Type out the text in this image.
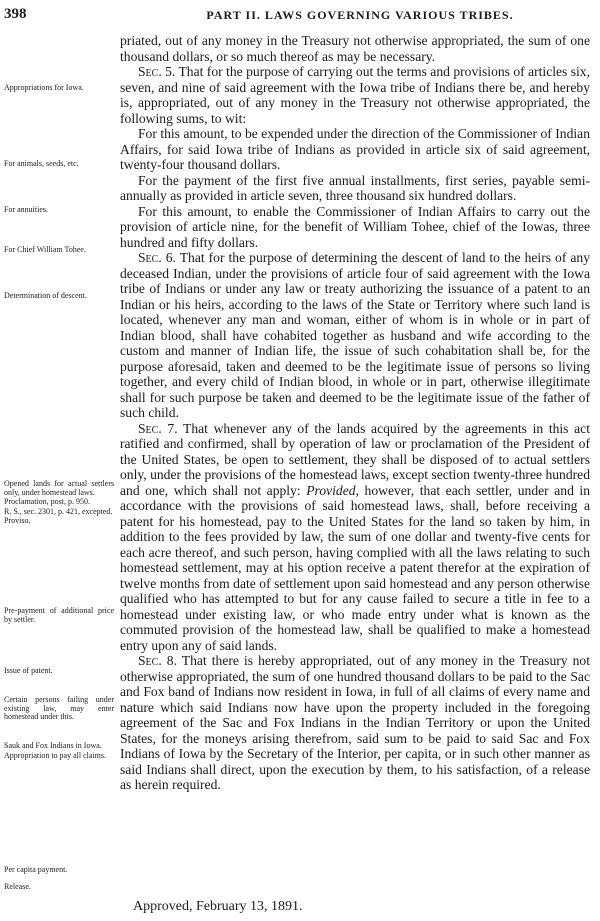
398	PART II. LAWS GOVERNING VARIOUS TRIBES.
Appropriations for Iowa.
For animals, seeds, etc.
For annuities.
For Chief William Tohee.
Determination of descent.
Opened lands for actual settlers only, under homestead laws.
Proclamation, post, p. 950.
R. S., sec. 2301, p. 421, excepted.
Proviso.
Pre-payment of additional price by settler.
Issue of patent.
Certain persons failing under existing law, may enter homestead under this.
Sauk and Fox Indians in Iowa.
Appropriation to pay all claims.
Per capita payment.
Release.

priated, out of any money in the Treasury not otherwise appropriated, the sum of one thousand dollars, or so much thereof as may be necessary.

Sec. 5. That for the purpose of carrying out the terms and provisions of articles six, seven, and nine of said agreement with the Iowa tribe of Indians there be, and hereby is, appropriated, out of any money in the Treasury not otherwise appropriated, the following sums, to wit:

For this amount, to be expended under the direction of the Commissioner of Indian Affairs, for said Iowa tribe of Indians as provided in article six of said agreement, twenty-four thousand dollars.

For the payment of the first five annual installments, first series, payable semi-annually as provided in article seven, three thousand six hundred dollars.

For this amount, to enable the Commissioner of Indian Affairs to carry out the provision of article nine, for the benefit of William Tohee, chief of the Iowas, three hundred and fifty dollars.

Sec. 6. That for the purpose of determining the descent of land to the heirs of any deceased Indian, under the provisions of article four of said agreement with the Iowa tribe of Indians or under any law or treaty authorizing the issuance of a patent to an Indian or his heirs, according to the laws of the State or Territory where such land is located, whenever any man and woman, either of whom is in whole or in part of Indian blood, shall have cohabited together as husband and wife according to the custom and manner of Indian life, the issue of such cohabitation shall be, for the purpose aforesaid, taken and deemed to be the legitimate issue of persons so living together, and every child of Indian blood, in whole or in part, otherwise illegitimate shall for such purpose be taken and deemed to be the legitimate issue of the father of such child.

Sec. 7. That whenever any of the lands acquired by the agreements in this act ratified and confirmed, shall by operation of law or proclamation of the President of the United States, be open to settlement, they shall be disposed of to actual settlers only, under the provisions of the homestead laws, except section twenty-three hundred and one, which shall not apply: Provided, however, that each settler, under and in accordance with the provisions of said homestead laws, shall, before receiving a patent for his homestead, pay to the United States for the land so taken by him, in addition to the fees provided by law, the sum of one dollar and twenty-five cents for each acre thereof, and such person, having complied with all the laws relating to such homestead settlement, may at his option receive a patent therefor at the expiration of twelve months from date of settlement upon said homestead and any person otherwise qualified who has attempted to but for any cause failed to secure a title in fee to a homestead under existing law, or who made entry under what is known as the commuted provision of the homestead law, shall be qualified to make a homestead entry upon any of said lands.

Sec. 8. That there is hereby appropriated, out of any money in the Treasury not otherwise appropriated, the sum of one hundred thousand dollars to be paid to the Sac and Fox band of Indians now resident in Iowa, in full of all claims of every name and nature which said Indians now have upon the property included in the foregoing agreement of the Sac and Fox Indians in the Indian Territory or upon the United States, for the moneys arising therefrom, said sum to be paid to said Sac and Fox Indians of Iowa by the Secretary of the Interior, per capita, or in such other manner as said Indians shall direct, upon the execution by them, to his satisfaction, of a release as herein required.

Approved, February 13, 1891.
